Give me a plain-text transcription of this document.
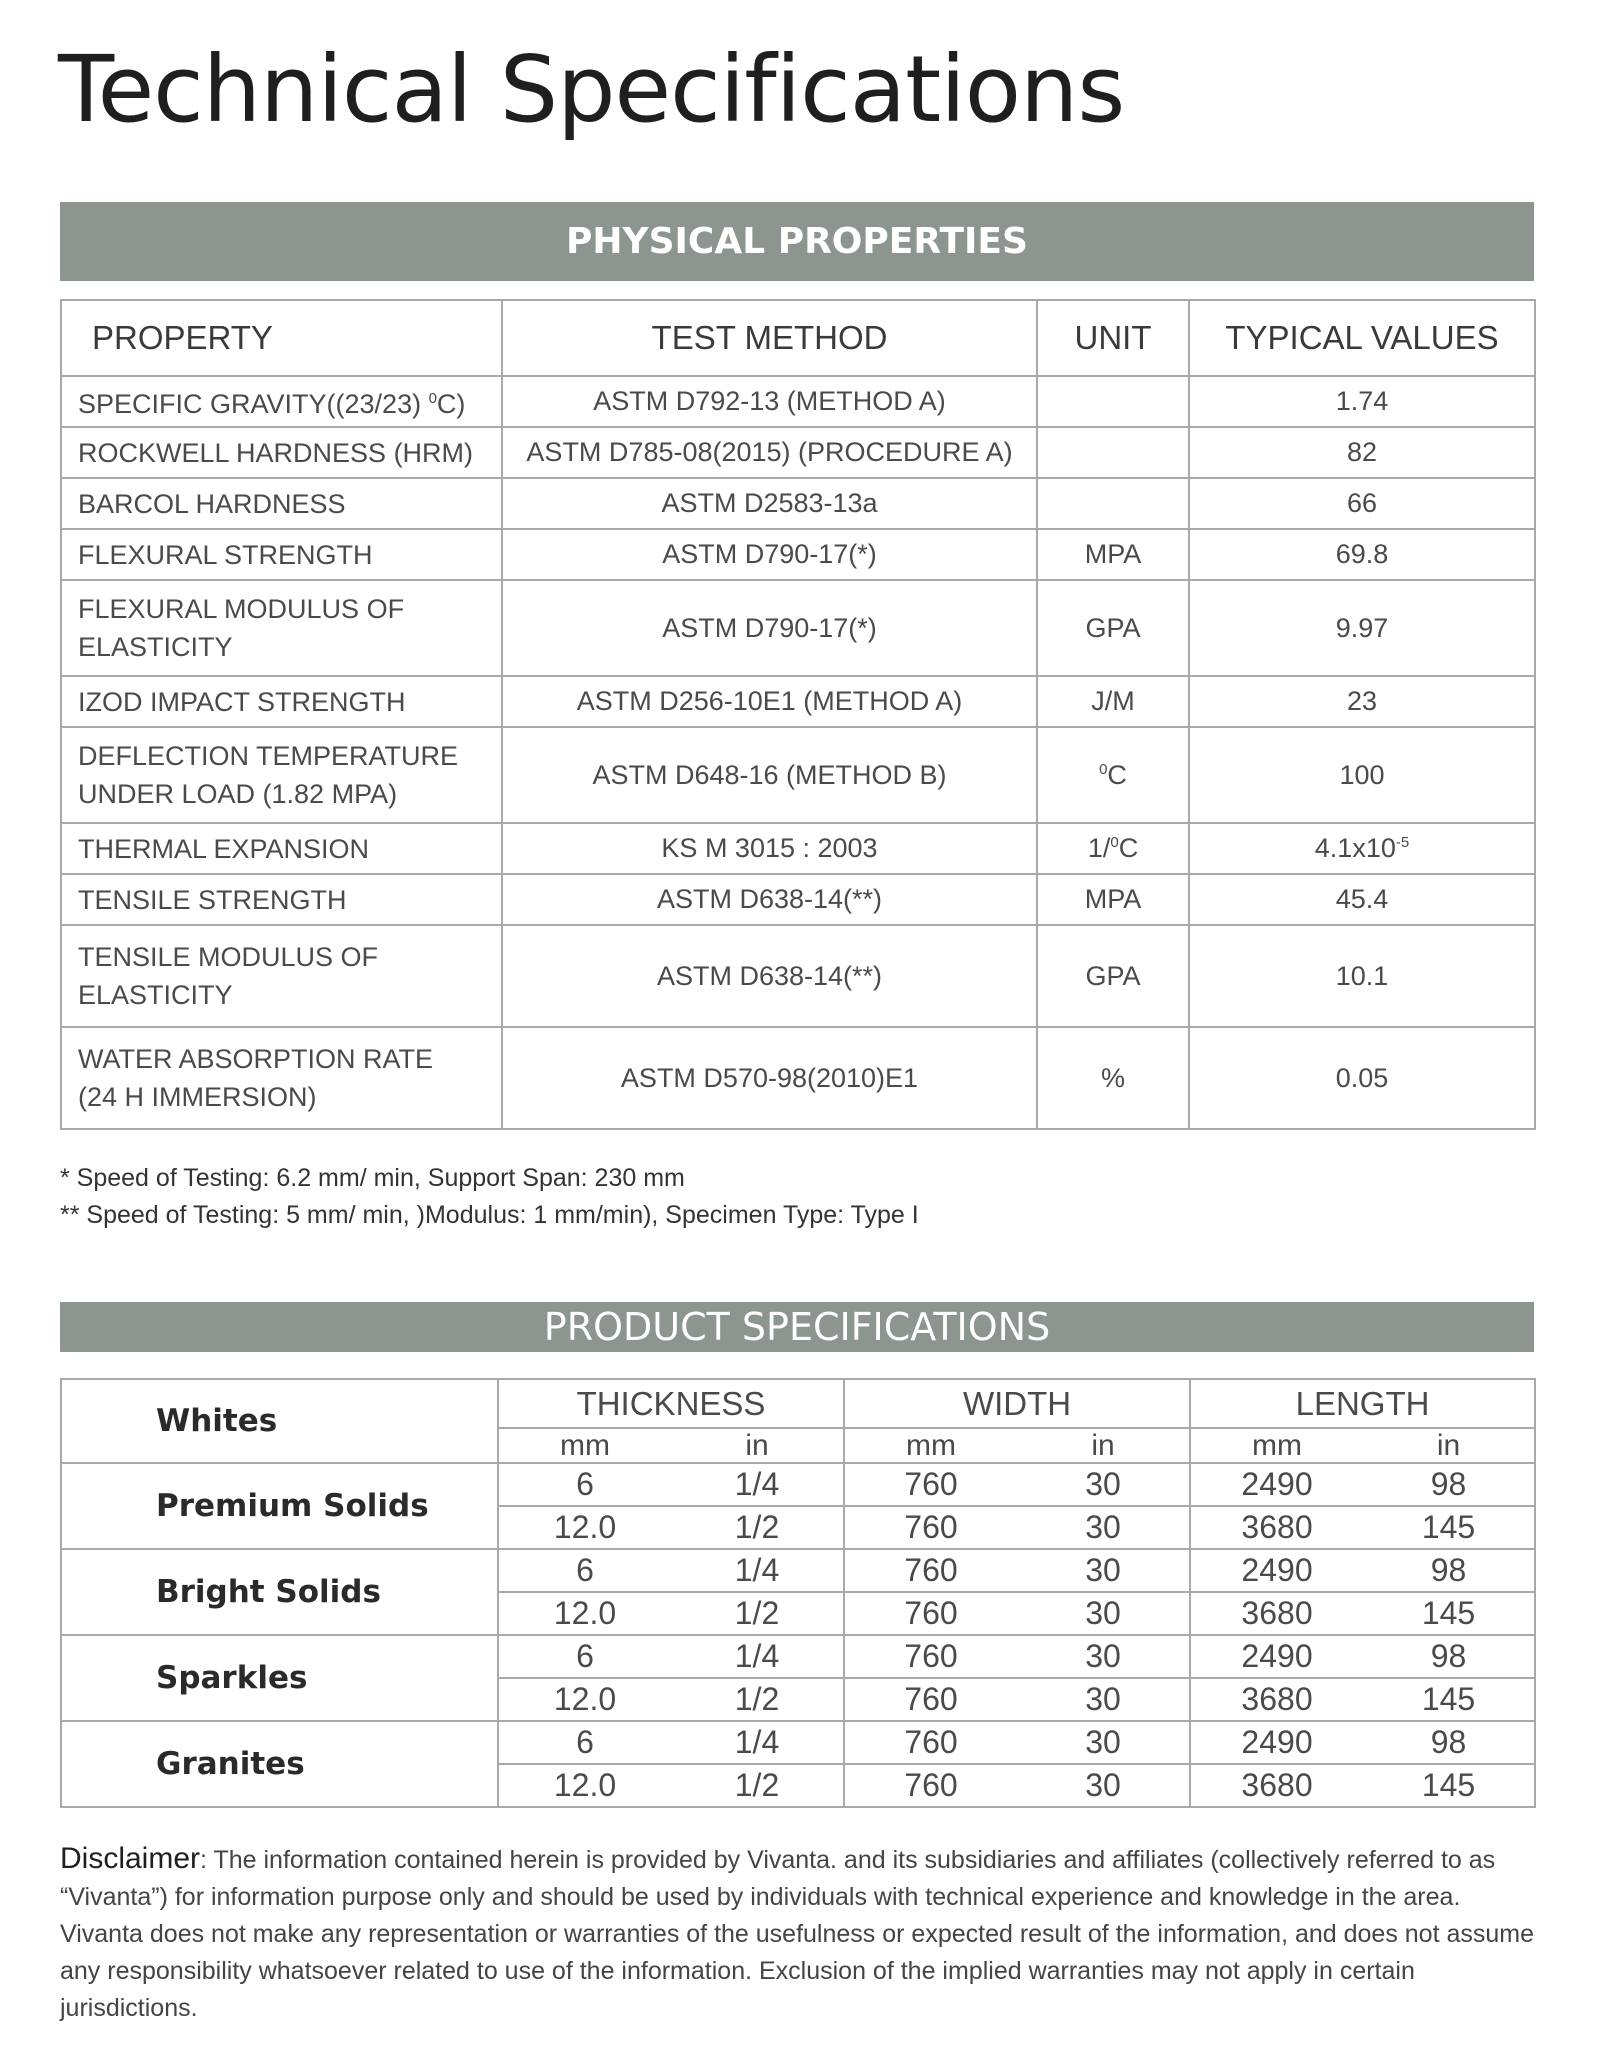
Technical Specifications
PHYSICAL PROPERTIES
PROPERTY	TEST METHOD	UNIT	TYPICAL VALUES
SPECIFIC GRAVITY((23/23) $^0$C)	ASTM D792-13 (METHOD A)		1.74
ROCKWELL HARDNESS (HRM)	ASTM D785-08(2015) (PROCEDURE A)		82
BARCOL HARDNESS	ASTM D2583-13a		66
FLEXURAL STRENGTH	ASTM D790-17(*)	MPA	69.8
FLEXURAL MODULUS OF
ELASTICITY	ASTM D790-17(*)	GPA	9.97
IZOD IMPACT STRENGTH	ASTM D256-10E1 (METHOD A)	J/M	23
DEFLECTION TEMPERATURE
UNDER LOAD (1.82 MPA)	ASTM D648-16 (METHOD B)	$^0$C	100
THERMAL EXPANSION	KS M 3015 : 2003	1/$^0$C	$4.1x10^{-5}$
TENSILE STRENGTH	ASTM D638-14(**)	MPA	45.4
TENSILE MODULUS OF
ELASTICITY	ASTM D638-14(**)	GPA	10.1
WATER ABSORPTION RATE
(24 H IMMERSION)	ASTM D570-98(2010)E1	%	0.05
* Speed of Testing: 6.2 mm/ min, Support Span: 230 mm
** Speed of Testing: 5 mm/ min, )Modulus: 1 mm/min), Specimen Type: Type I
PRODUCT SPECIFICATIONS
Whites	THICKNESS		WIDTH		LENGTH	
	mm	in	mm	in	mm	in
Premium Solids	6	1/4	760	30	2490	98
	12.0	1/2	760	30	3680	145
Bright Solids	6	1/4	760	30	2490	98
	12.0	1/2	760	30	3680	145
Sparkles	6	1/4	760	30	2490	98
	12.0	1/2	760	30	3680	145
Granites	6	1/4	760	30	2490	98
	12.0	1/2	760	30	3680	145
Disclaimer: The information contained herein is provided by Vivanta. and its subsidiaries and affiliates (collectively referred to as “Vivanta”) for information purpose only and should be used by individuals with technical experience and knowledge in the area. Vivanta does not make any representation or warranties of the usefulness or expected result of the information, and does not assume any responsibility whatsoever related to use of the information. Exclusion of the implied warranties may not apply in certain jurisdictions.
